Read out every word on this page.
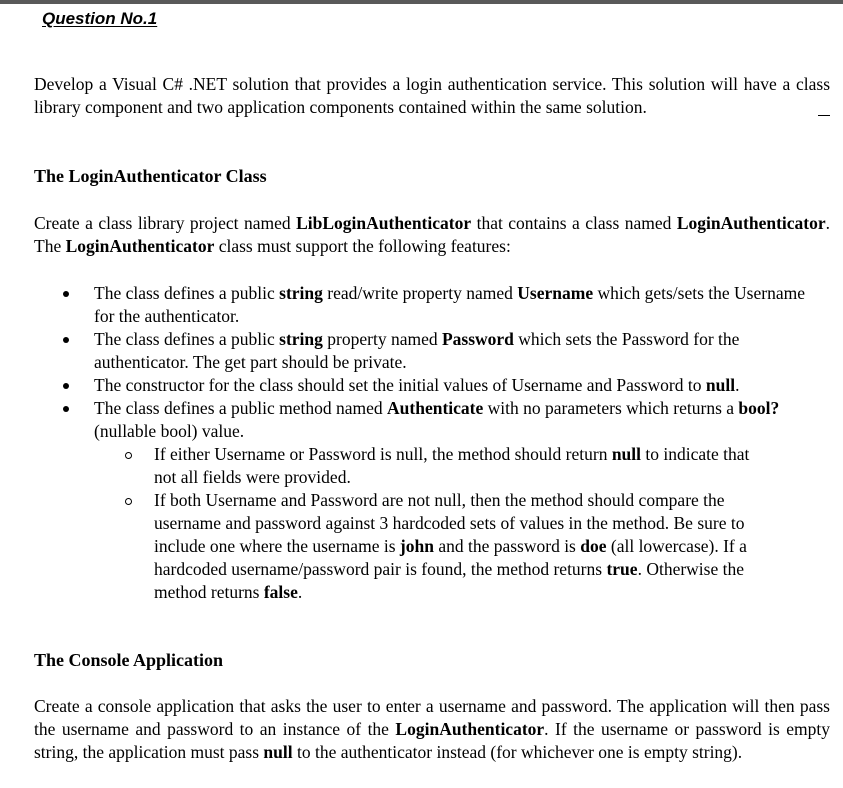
Question No.1
Develop a Visual C# .NET solution that provides a login authentication service. This solution will have a class library component and two application components contained within the same solution.
The LoginAuthenticator Class
Create a class library project named LibLoginAuthenticator that contains a class named LoginAuthenticator. The LoginAuthenticator class must support the following features:
The class defines a public string read/write property named Username which gets/sets the Username for the authenticator.
The class defines a public string property named Password which sets the Password for the authenticator. The get part should be private.
The constructor for the class should set the initial values of Username and Password to null.
The class defines a public method named Authenticate with no parameters which returns a bool? (nullable bool) value.
If either Username or Password is null, the method should return null to indicate that not all fields were provided.
If both Username and Password are not null, then the method should compare the username and password against 3 hardcoded sets of values in the method. Be sure to include one where the username is john and the password is doe (all lowercase). If a hardcoded username/password pair is found, the method returns true. Otherwise the method returns false.
The Console Application
Create a console application that asks the user to enter a username and password. The application will then pass the username and password to an instance of the LoginAuthenticator. If the username or password is empty string, the application must pass null to the authenticator instead (for whichever one is empty string).
